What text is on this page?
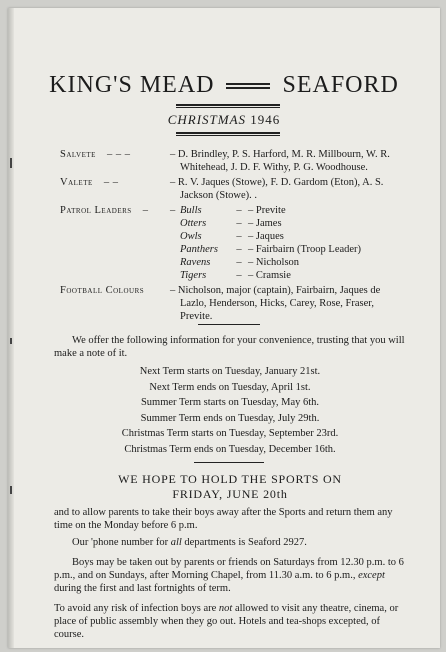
KING'S MEAD	SEAFORD
CHRISTMAS 1946
Salvete – – –	– D. Brindley, P. S. Harford, M. R. Millbourn, W. R. Whitehead, J. D. F. Withy, P. G. Woodhouse.
Valete – –	– R. V. Jaques (Stowe), F. D. Gardom (Eton), A. S. Jackson (Stowe). .
Patrol Leaders –	– Bulls	– – Previte
Otters	– – James
Owls	– – Jaques
Panthers	– – Fairbairn (Troop Leader)
Ravens	– – Nicholson
Tigers	– – Cramsie
Football Colours	– Nicholson, major (captain), Fairbairn, Jaques de Lazlo, Henderson, Hicks, Carey, Rose, Fraser, Previte.
We offer the following information for your convenience, trusting that you will make a note of it.
Next Term starts on Tuesday, January 21st.
Next Term ends on Tuesday, April 1st.
Summer Term starts on Tuesday, May 6th.
Summer Term ends on Tuesday, July 29th.
Christmas Term starts on Tuesday, September 23rd.
Christmas Term ends on Tuesday, December 16th.
WE HOPE TO HOLD THE SPORTS ON
FRIDAY, JUNE 20th
and to allow parents to take their boys away after the Sports and return them any time on the Monday before 6 p.m.
Our 'phone number for all departments is Seaford 2927.
Boys may be taken out by parents or friends on Saturdays from 12.30 p.m. to 6 p.m., and on Sundays, after Morning Chapel, from 11.30 a.m. to 6 p.m., except during the first and last fortnights of term.
To avoid any risk of infection boys are not allowed to visit any theatre, cinema, or place of public assembly when they go out. Hotels and tea-shops excepted, of course.
